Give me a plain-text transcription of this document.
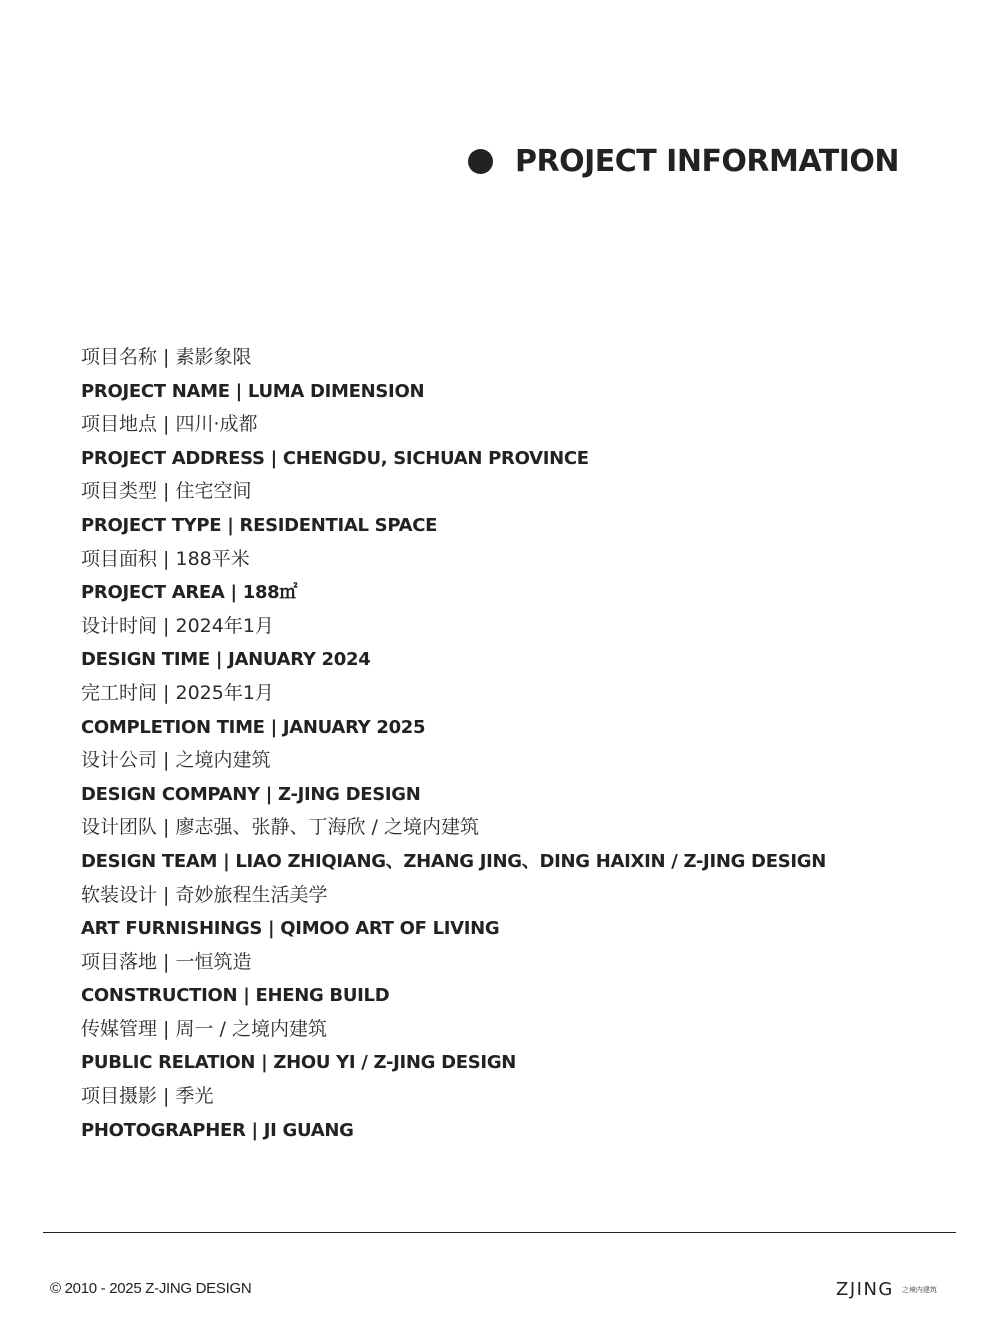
PROJECT INFORMATION
项目名称 | 素影象限
PROJECT NAME | LUMA DIMENSION
项目地点 | 四川·成都
PROJECT ADDRESS | CHENGDU, SICHUAN PROVINCE
项目类型 | 住宅空间
PROJECT TYPE | RESIDENTIAL SPACE
项目面积 | 188平米
PROJECT AREA | 188㎡
设计时间 | 2024年1月
DESIGN TIME | JANUARY 2024
完工时间 | 2025年1月
COMPLETION TIME | JANUARY 2025
设计公司 | 之境内建筑
DESIGN COMPANY | Z-JING DESIGN
设计团队 | 廖志强、张静、丁海欣 / 之境内建筑
DESIGN TEAM | LIAO ZHIQIANG、ZHANG JING、DING HAIXIN / Z-JING DESIGN
软装设计 | 奇妙旅程生活美学
ART FURNISHINGS | QIMOO ART OF LIVING
项目落地 | 一恒筑造
CONSTRUCTION | EHENG BUILD
传媒管理 | 周一 / 之境内建筑
PUBLIC RELATION | ZHOU YI / Z-JING DESIGN
项目摄影 | 季光
PHOTOGRAPHER | JI GUANG
© 2010 - 2025 Z-JING DESIGN	ZJING 之境内建筑
